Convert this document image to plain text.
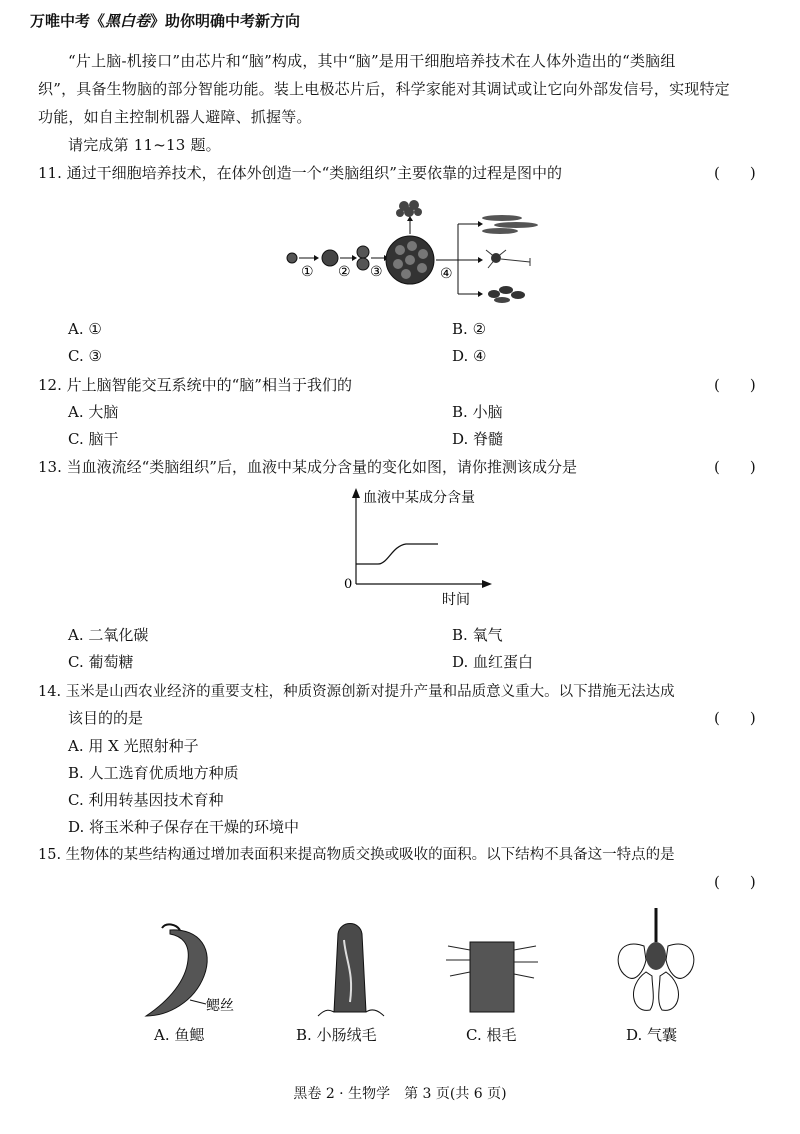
万唯中考《黑白卷》助你明确中考新方向
“片上脑-机接口”由芯片和“脑”构成，其中“脑”是用干细胞培养技术在人体外造出的“类脑组
织”，具备生物脑的部分智能功能。装上电极芯片后，科学家能对其调试或让它向外部发信号，实现特定
功能，如自主控制机器人避障、抓握等。
请完成第 11~13 题。
11. 通过干细胞培养技术，在体外创造一个“类脑组织”主要依靠的过程是图中的	(　　)
① ② ③	④
A. ①	B. ②
C. ③	D. ④
12. 片上脑智能交互系统中的“脑”相当于我们的	(　　)
A. 大脑	B. 小脑
C. 脑干	D. 脊髓
13. 当血液流经“类脑组织”后，血液中某成分含量的变化如图，请你推测该成分是	(　　)
血液中某成分含量
时间
0
A. 二氧化碳	B. 氧气
C. 葡萄糖	D. 血红蛋白
14. 玉米是山西农业经济的重要支柱，种质资源创新对提升产量和品质意义重大。以下措施无法达成
该目的的是	(　　)
A. 用 X 光照射种子
B. 人工选育优质地方种质
C. 利用转基因技术育种
D. 将玉米种子保存在干燥的环境中
15. 生物体的某些结构通过增加表面积来提高物质交换或吸收的面积。以下结构不具备这一特点的是
(　　)
鳃丝
A. 鱼鳃	B. 小肠绒毛	C. 根毛	D. 气囊
黑卷 2 · 生物学　第 3 页(共 6 页)
